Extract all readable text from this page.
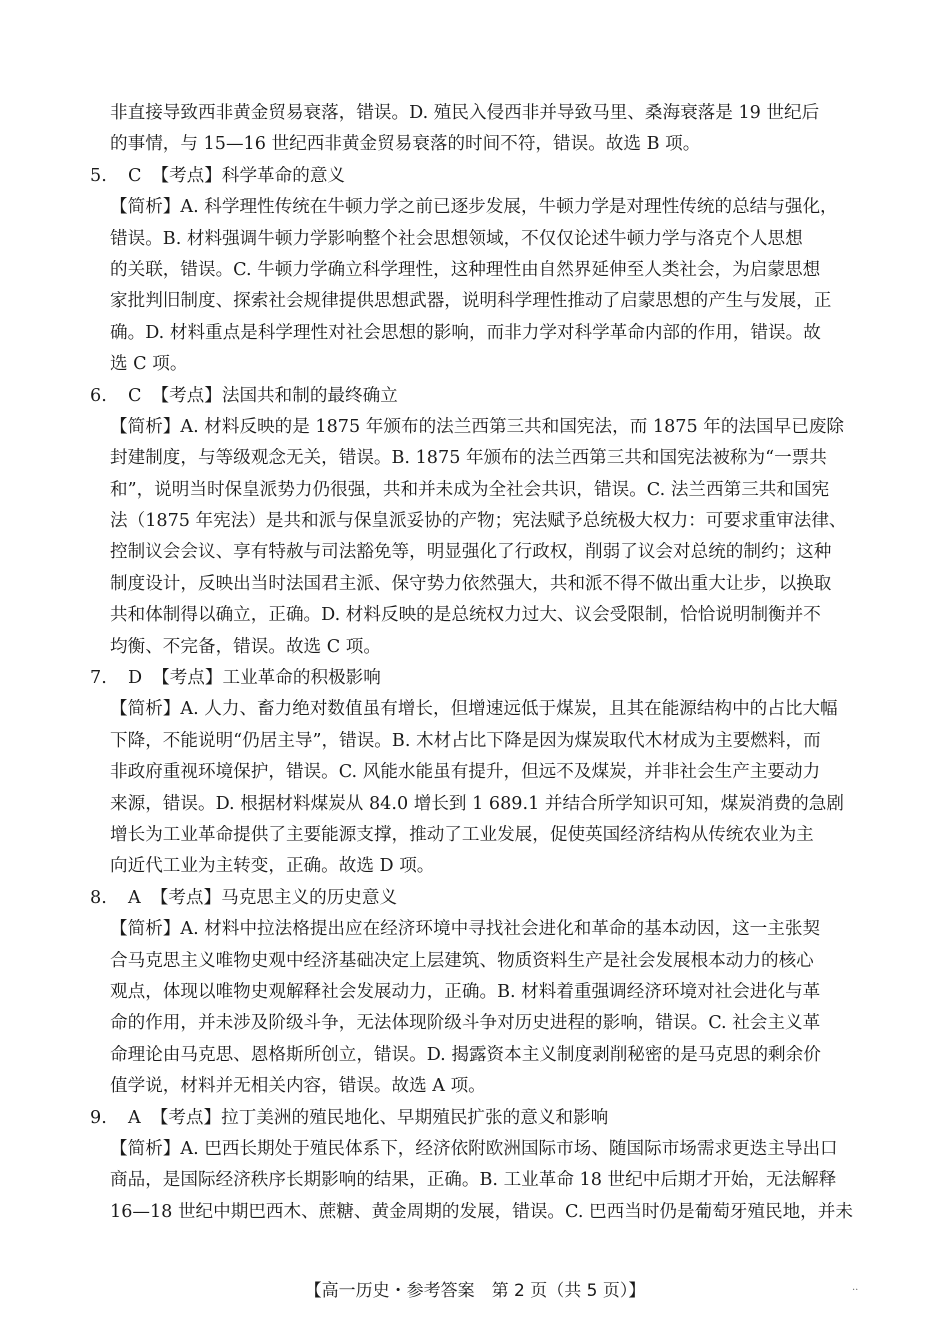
非直接导致西非黄金贸易衰落，错误。D. 殖民入侵西非并导致马里、桑海衰落是 19 世纪后
的事情，与 15—16 世纪西非黄金贸易衰落的时间不符，错误。故选 B 项。
5. C 【考点】科学革命的意义
【简析】A. 科学理性传统在牛顿力学之前已逐步发展，牛顿力学是对理性传统的总结与强化，
错误。B. 材料强调牛顿力学影响整个社会思想领域，不仅仅论述牛顿力学与洛克个人思想
的关联，错误。C. 牛顿力学确立科学理性，这种理性由自然界延伸至人类社会，为启蒙思想
家批判旧制度、探索社会规律提供思想武器，说明科学理性推动了启蒙思想的产生与发展，正
确。D. 材料重点是科学理性对社会思想的影响，而非力学对科学革命内部的作用，错误。故
选 C 项。
6. C 【考点】法国共和制的最终确立
【简析】A. 材料反映的是 1875 年颁布的法兰西第三共和国宪法，而 1875 年的法国早已废除
封建制度，与等级观念无关，错误。B. 1875 年颁布的法兰西第三共和国宪法被称为“一票共
和”，说明当时保皇派势力仍很强，共和并未成为全社会共识，错误。C. 法兰西第三共和国宪
法（1875 年宪法）是共和派与保皇派妥协的产物；宪法赋予总统极大权力：可要求重审法律、
控制议会会议、享有特赦与司法豁免等，明显强化了行政权，削弱了议会对总统的制约；这种
制度设计，反映出当时法国君主派、保守势力依然强大，共和派不得不做出重大让步，以换取
共和体制得以确立，正确。D. 材料反映的是总统权力过大、议会受限制，恰恰说明制衡并不
均衡、不完备，错误。故选 C 项。
7. D 【考点】工业革命的积极影响
【简析】A. 人力、畜力绝对数值虽有增长，但增速远低于煤炭，且其在能源结构中的占比大幅
下降，不能说明“仍居主导”，错误。B. 木材占比下降是因为煤炭取代木材成为主要燃料，而
非政府重视环境保护，错误。C. 风能水能虽有提升，但远不及煤炭，并非社会生产主要动力
来源，错误。D. 根据材料煤炭从 84.0 增长到 1 689.1 并结合所学知识可知，煤炭消费的急剧
增长为工业革命提供了主要能源支撑，推动了工业发展，促使英国经济结构从传统农业为主
向近代工业为主转变，正确。故选 D 项。
8. A 【考点】马克思主义的历史意义
【简析】A. 材料中拉法格提出应在经济环境中寻找社会进化和革命的基本动因，这一主张契
合马克思主义唯物史观中经济基础决定上层建筑、物质资料生产是社会发展根本动力的核心
观点，体现以唯物史观解释社会发展动力，正确。B. 材料着重强调经济环境对社会进化与革
命的作用，并未涉及阶级斗争，无法体现阶级斗争对历史进程的影响，错误。C. 社会主义革
命理论由马克思、恩格斯所创立，错误。D. 揭露资本主义制度剥削秘密的是马克思的剩余价
值学说，材料并无相关内容，错误。故选 A 项。
9. A 【考点】拉丁美洲的殖民地化、早期殖民扩张的意义和影响
【简析】A. 巴西长期处于殖民体系下，经济依附欧洲国际市场、随国际市场需求更迭主导出口
商品，是国际经济秩序长期影响的结果，正确。B. 工业革命 18 世纪中后期才开始，无法解释
16—18 世纪中期巴西木、蔗糖、黄金周期的发展，错误。C. 巴西当时仍是葡萄牙殖民地，并未
【高一历史・参考答案　第 2 页（共 5 页）】	..
